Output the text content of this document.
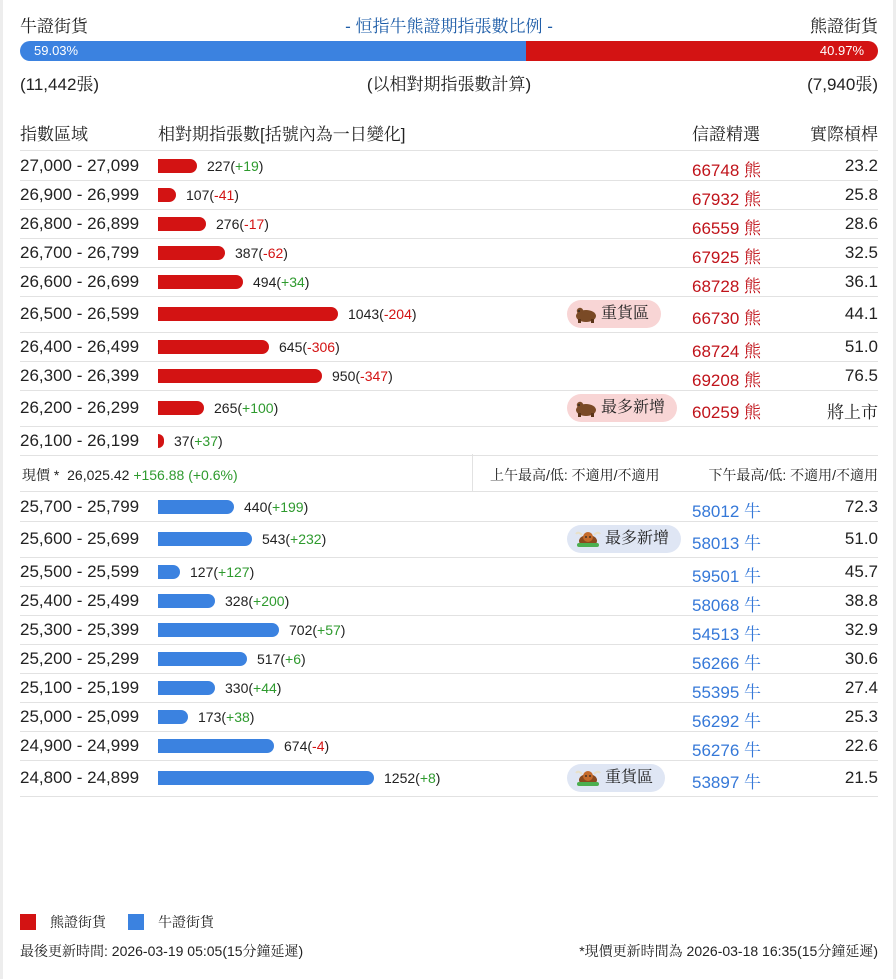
牛證街貨	- 恒指牛熊證期指張數比例 -	熊證街貨
59.03%	40.97%
(11,442張)	(以相對期指張數計算)	(7,940張)
指數區域	相對期指張數[括號內為一日變化]	信證精選	實際槓桿
27,000 - 27,099	227(+19)	66748 熊	23.2
26,900 - 26,999	107(-41)	67932 熊	25.8
26,800 - 26,899	276(-17)	66559 熊	28.6
26,700 - 26,799	387(-62)	67925 熊	32.5
26,600 - 26,699	494(+34)	68728 熊	36.1
26,500 - 26,599	1043(-204)	重貨區	66730 熊	44.1
26,400 - 26,499	645(-306)	68724 熊	51.0
26,300 - 26,399	950(-347)	69208 熊	76.5
26,200 - 26,299	265(+100)	最多新增 60259 熊	將上市
26,100 - 26,199 37(+37)
現價 * 26,025.42 +156.88 (+0.6%)	上午最高/低: 不適用/不適用	下午最高/低: 不適用/不適用
25,700 - 25,799	440(+199)	58012 牛	72.3
25,600 - 25,699	543(+232)	最多新增 58013 牛	51.0
25,500 - 25,599	127(+127)	59501 牛	45.7
25,400 - 25,499	328(+200)	58068 牛	38.8
25,300 - 25,399	702(+57)	54513 牛	32.9
25,200 - 25,299	517(+6)	56266 牛	30.6
25,100 - 25,199	330(+44)	55395 牛	27.4
25,000 - 25,099	173(+38)	56292 牛	25.3
24,900 - 24,999	674(-4)	56276 牛	22.6
24,800 - 24,899	1252(+8)	重貨區 53897 牛	21.5
熊證街貨	牛證街貨
最後更新時間: 2026-03-19 05:05(15分鐘延遲)	*現價更新時間為 2026-03-18 16:35(15分鐘延遲)
